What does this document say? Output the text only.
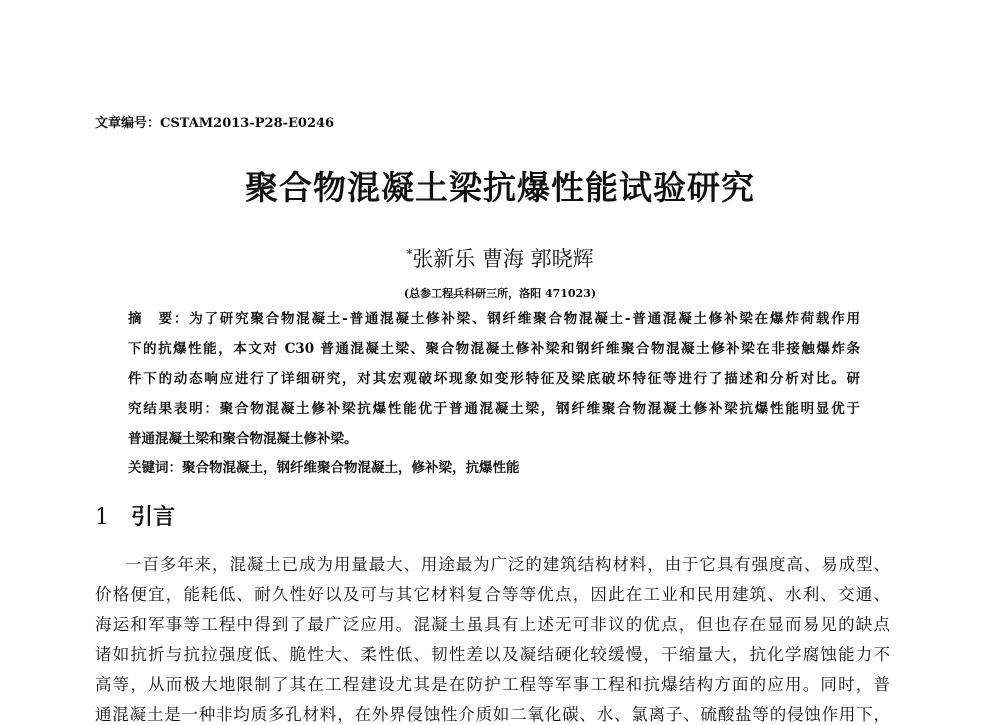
文章编号：CSTAM2013-P28-E0246
聚合物混凝土梁抗爆性能试验研究
*张新乐 曹海 郭晓辉
(总参工程兵科研三所，洛阳 471023)
摘　要：为了研究聚合物混凝土-普通混凝土修补梁、钢纤维聚合物混凝土-普通混凝土修补梁在爆炸荷载作用
下的抗爆性能，本文对 C30 普通混凝土梁、聚合物混凝土修补梁和钢纤维聚合物混凝土修补梁在非接触爆炸条
件下的动态响应进行了详细研究，对其宏观破坏现象如变形特征及梁底破坏特征等进行了描述和分析对比。研
究结果表明：聚合物混凝土修补梁抗爆性能优于普通混凝土梁，钢纤维聚合物混凝土修补梁抗爆性能明显优于
普通混凝土梁和聚合物混凝土修补梁。
关键词：聚合物混凝土，钢纤维聚合物混凝土，修补梁，抗爆性能
1 引言
一百多年来，混凝土已成为用量最大、用途最为广泛的建筑结构材料，由于它具有强度高、易成型、
价格便宜，能耗低、耐久性好以及可与其它材料复合等等优点，因此在工业和民用建筑、水利、交通、
海运和军事等工程中得到了最广泛应用。混凝土虽具有上述无可非议的优点，但也存在显而易见的缺点
诸如抗折与抗拉强度低、脆性大、柔性低、韧性差以及凝结硬化较缓慢，干缩量大，抗化学腐蚀能力不
高等，从而极大地限制了其在工程建设尤其是在防护工程等军事工程和抗爆结构方面的应用。同时，普
通混凝土是一种非均质多孔材料，在外界侵蚀性介质如二氧化碳、水、氯离子、硫酸盐等的侵蚀作用下，
